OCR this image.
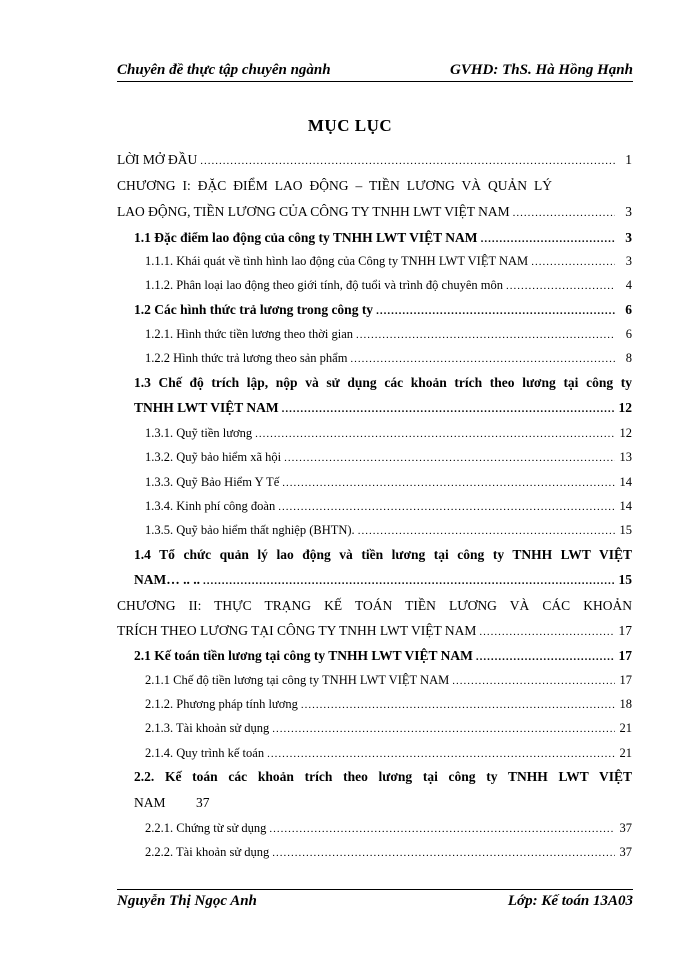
Chuyên đề thực tập chuyên ngành	GVHD: ThS. Hà Hồng Hạnh
MỤC LỤC
LỜI MỞ ĐẦU .....	1
CHƯƠNG I: ĐẶC ĐIỂM LAO ĐỘNG – TIỀN LƯƠNG VÀ QUẢN LÝ
LAO ĐỘNG, TIỀN LƯƠNG CỦA CÔNG TY TNHH LWT VIỆT NAM .....	3
1.1 Đặc điểm lao động của công ty TNHH LWT VIỆT NAM .....	3
1.1.1. Khái quát về tình hình lao động của Công ty TNHH LWT VIỆT NAM .....	3
1.1.2. Phân loại lao động theo giới tính, độ tuổi và trình độ chuyên môn .....	4
1.2 Các hình thức trả lương trong công ty .....	6
1.2.1. Hình thức tiền lương theo thời gian .....	6
1.2.2 Hình thức trả lương theo sản phẩm .....	8
1.3 Chế độ trích lập, nộp và sử dụng các khoản trích theo lương tại công ty
TNHH LWT VIỆT NAM .....	12
1.3.1. Quỹ tiền lương .....	12
1.3.2. Quỹ bảo hiểm xã hội .....	13
1.3.3. Quỹ Bảo Hiểm Y Tế .....	14
1.3.4. Kinh phí công đoàn .....	14
1.3.5. Quỹ bảo hiểm thất nghiệp (BHTN). .....	15
1.4 Tổ chức quản lý lao động và tiền lương tại công ty TNHH LWT VIỆT
NAM… .. .. .....	15
CHƯƠNG II: THỰC TRẠNG KẾ TOÁN TIỀN LƯƠNG VÀ CÁC KHOẢN
TRÍCH THEO LƯƠNG TẠI CÔNG TY TNHH LWT VIỆT NAM .....	17
2.1 Kế toán tiền lương tại công ty TNHH LWT VIỆT NAM .....	17
2.1.1 Chế độ tiền lương tại công ty TNHH LWT VIỆT NAM .....	17
2.1.2. Phương pháp tính lương .....	18
2.1.3. Tài khoản sử dụng .....	21
2.1.4. Quy trình kế toán .....	21
2.2. Kế toán các khoản trích theo lương tại công ty TNHH LWT VIỆT
NAM 37
2.2.1. Chứng từ sử dụng .....	37
2.2.2. Tài khoản sử dụng .....	37
Nguyễn Thị Ngọc Anh	Lớp: Kế toán 13A03
